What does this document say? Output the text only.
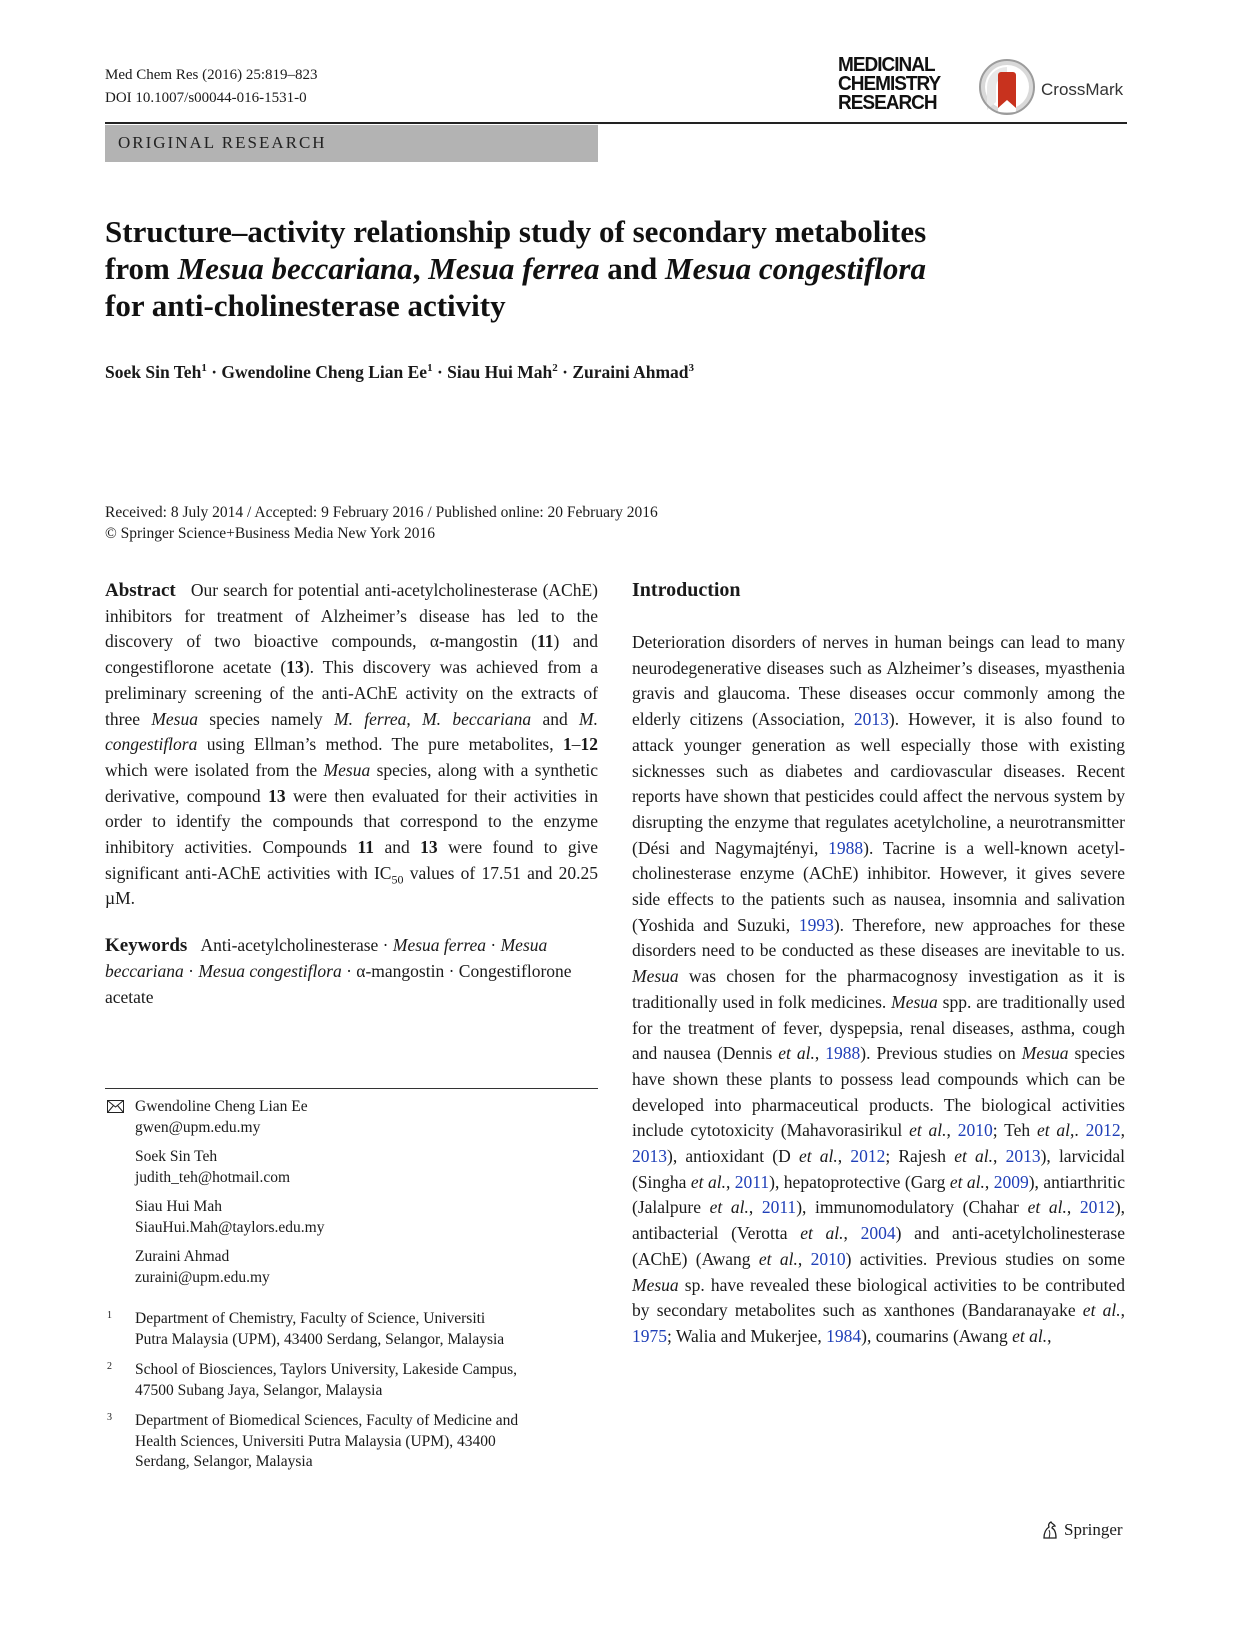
Med Chem Res (2016) 25:819–823
DOI 10.1007/s00044-016-1531-0
MEDICINAL
CHEMISTRY
RESEARCH
CrossMark
ORIGINAL RESEARCH
Structure–activity relationship study of secondary metabolites
from Mesua beccariana, Mesua ferrea and Mesua congestiflora
for anti-cholinesterase activity
Soek Sin Teh$^1$ · Gwendoline Cheng Lian $Ee^1$ · Siau Hui Mah$^2$ · Zuraini Ahmad$^3$
Received: 8 July 2014 / Accepted: 9 February 2016 / Published online: 20 February 2016
© Springer Science+Business Media New York 2016

Abstract Our search for potential anti-acetylcholinesterase (AChE) inhibitors for treatment of Alzheimer’s disease has led to the discovery of two bioactive compounds, α-mangostin (11) and congestiflorone acetate (13). This discovery was achieved from a preliminary screening of the anti-AChE activity on the extracts of three Mesua species namely M. ferrea, M. beccariana and M. congestiflora using Ellman’s method. The pure metabolites, 1–12 which were isolated from the Mesua species, along with a synthetic derivative, compound 13 were then evaluated for their activities in order to identify the compounds that correspond to the enzyme inhibitory activities. Compounds 11 and 13 were found to give significant anti-AChE activities with $IC_{50}$ values of 17.51 and 20.25 µM.

Keywords Anti-acetylcholinesterase · Mesua ferrea · Mesua beccariana · Mesua congestiflora · α-mangostin · Congestiflorone acetate

Gwendoline Cheng Lian Ee
gwen@upm.edu.my
Soek Sin Teh
judith_teh@hotmail.com
Siau Hui Mah
SiauHui.Mah@taylors.edu.my
Zuraini Ahmad
zuraini@upm.edu.my
1 Department of Chemistry, Faculty of Science, Universiti
Putra Malaysia (UPM), 43400 Serdang, Selangor, Malaysia
2 School of Biosciences, Taylors University, Lakeside Campus,
47500 Subang Jaya, Selangor, Malaysia
3 Department of Biomedical Sciences, Faculty of Medicine and
Health Sciences, Universiti Putra Malaysia (UPM), 43400
Serdang, Selangor, Malaysia

Introduction

Deterioration disorders of nerves in human beings can lead to many neurodegenerative diseases such as Alzheimer’s diseases, myasthenia gravis and glaucoma. These diseases occur commonly among the elderly citizens (Association, 2013). However, it is also found to attack younger generation as well especially those with existing sicknesses such as diabetes and cardiovascular diseases. Recent reports have shown that pesticides could affect the nervous system by disrupting the enzyme that regulates acetylcholine, a neurotransmitter (Dési and Nagymajtényi, 1988). Tacrine is a well-known acetyl-cholinesterase enzyme (AChE) inhibitor. However, it gives severe side effects to the patients such as nausea, insomnia and salivation (Yoshida and Suzuki, 1993). Therefore, new approaches for these disorders need to be conducted as these diseases are inevitable to us. Mesua was chosen for the pharmacognosy investigation as it is traditionally used in folk medicines. Mesua spp. are traditionally used for the treatment of fever, dyspepsia, renal diseases, asthma, cough and nausea (Dennis et al., 1988). Previous studies on Mesua species have shown these plants to possess lead compounds which can be developed into pharmaceutical products. The biological activities include cytotoxicity (Mahavorasirikul et al., 2010; Teh et al,. 2012, 2013), antioxidant (D et al., 2012; Rajesh et al., 2013), larvicidal (Singha et al., 2011), hepatoprotective (Garg et al., 2009), antiarthritic (Jalalpure et al., 2011), immunomodulatory (Chahar et al., 2012), antibacterial (Verotta et al., 2004) and anti-acetylcholinesterase (AChE) (Awang et al., 2010) activities. Previous studies on some Mesua sp. have revealed these biological activities to be contributed by secondary metabolites such as xanthones (Bandaranayake et al., 1975; Walia and Mukerjee, 1984), coumarins (Awang et al.,

Springer
